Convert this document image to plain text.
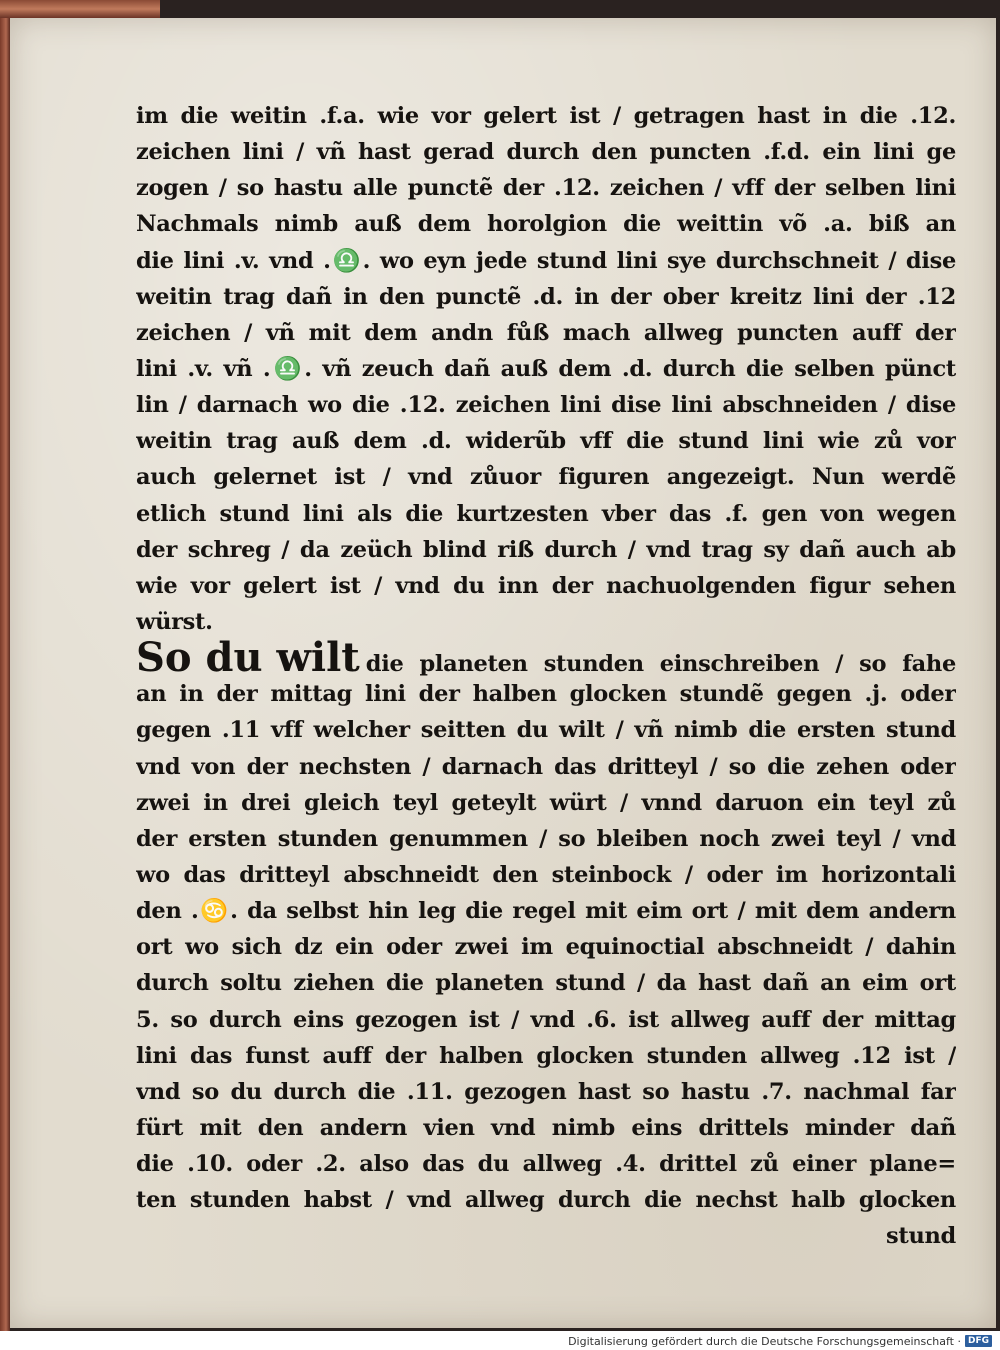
im die weitin .f.a. wie vor gelert ist / getragen hast in die .12.
zeichen lini / vñ hast gerad durch den puncten .f.d. ein lini ge
zogen / so hastu alle punctẽ der .12. zeichen / vff der selben lini
Nachmals nimb auß dem horolgion die weittin võ .a. biß an
die lini .v. vnd .♎. wo eyn jede stund lini sye durchschneit / dise
weitin trag dañ in den punctẽ .d. in der ober kreitz lini der .12
zeichen / vñ mit dem andn fůß mach allweg puncten auff der
lini .v. vñ .♎. vñ zeuch dañ auß dem .d. durch die selben pünct
lin / darnach wo die .12. zeichen lini dise lini abschneiden / dise
weitin trag auß dem .d. widerũb vff die stund lini wie zů vor
auch gelernet ist / vnd zůuor figuren angezeigt. Nun werdẽ
etlich stund lini als die kurtzesten vber das .f. gen von wegen
der schreg / da zeüch blind riß durch / vnd trag sy dañ auch ab
wie vor gelert ist / vnd du inn der nachuolgenden figur sehen
würst.
So du wilt die planeten stunden einschreiben / so fahe
an in der mittag lini der halben glocken stundẽ gegen .j. oder
gegen .11 vff welcher seitten du wilt / vñ nimb die ersten stund
vnd von der nechsten / darnach das dritteyl / so die zehen oder
zwei in drei gleich teyl geteylt würt / vnnd daruon ein teyl zů
der ersten stunden genummen / so bleiben noch zwei teyl / vnd
wo das dritteyl abschneidt den steinbock / oder im horizontali
den .♋. da selbst hin leg die regel mit eim ort / mit dem andern
ort wo sich dz ein oder zwei im equinoctial abschneidt / dahin
durch soltu ziehen die planeten stund / da hast dañ an eim ort
5. so durch eins gezogen ist / vnd .6. ist allweg auff der mittag
lini das funst auff der halben glocken stunden allweg .12 ist /
vnd so du durch die .11. gezogen hast so hastu .7. nachmal far
fürt mit den andern vien vnd nimb eins drittels minder dañ
die .10. oder .2. also das du allweg .4. drittel zů einer plane=
ten stunden habst / vnd allweg durch die nechst halb glocken
stund
Digitalisierung gefördert durch die Deutsche Forschungsgemeinschaft · DFG
